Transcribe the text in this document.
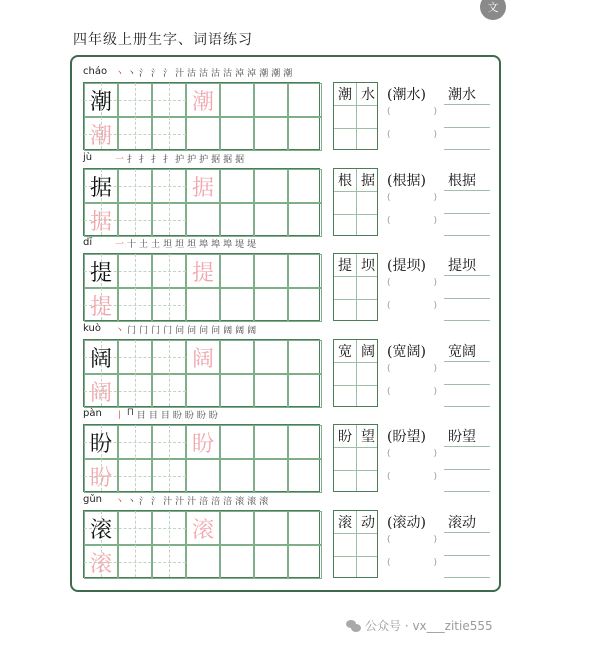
文
四年级上册生字、词语练习
cháo 丶 丶 氵 氵 氵 汁 沽 沽 沽 沽 淖 淖 潮 潮 潮
潮
潮
潮	潮 水 (潮水)
(	)
(	)
潮水
jù	一 扌 扌 扌 扌 护 护 护 据 据 据
据
据
据	根 据 (根据)
(	)
(	)
根据
dī	一 十 土 土 坦 坦 坦 埠 埠 埠 堤 堤
提
提
提	提 坝 (提坝)
(	)
(	)
提坝
kuò 丶 门 门 门 门 问 问 问 问 阔 阔 阔
阔
阔
阔	宽 阔 (宽阔)
(	)
(	)
宽阔
pàn 丨 Π 目 目 目 盼 盼 盼 盼
盼
盼
盼	盼 望 (盼望)
(	)
(	)
盼望
gǔn 丶 丶 氵 氵 汁 汁 汁 涪 涪 涪 滚 滚 滚
滚
滚
滚	滚 动 (滚动)
(	)
(	)
滚动
公众号 · vx___zitie555
